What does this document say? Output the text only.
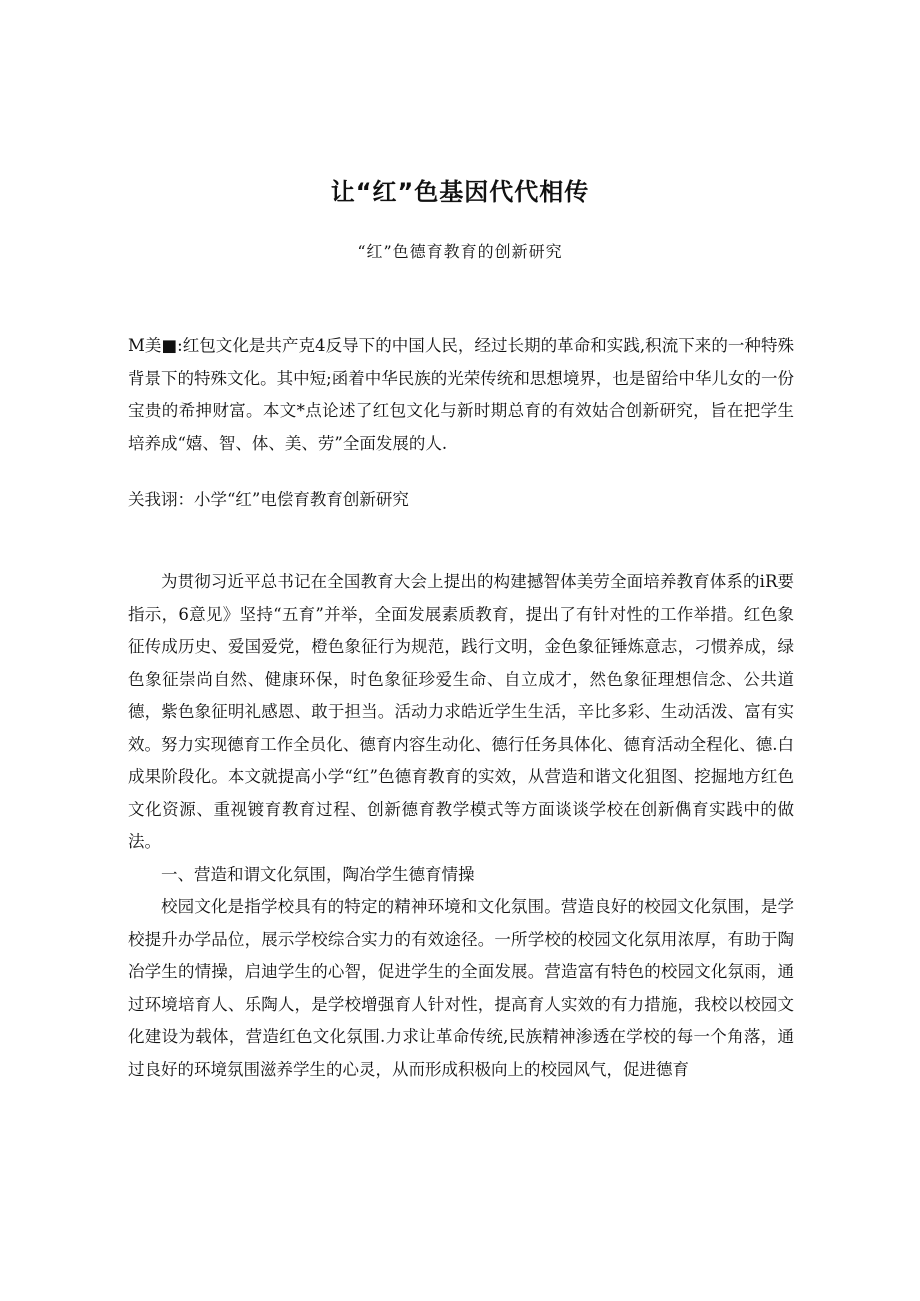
让“红”色基因代代相传

“红”色德育教育的创新研究

M美■:红包文化是共产克4反导下的中国人民，经过长期的革命和实践,积流下来的一种特殊背景下的特殊文化。其中短;函着中华民族的光荣传统和思想境界，也是留给中华儿女的一份宝贵的希抻财富。本文*点论述了红包文化与新时期总育的有效姑合创新研究，旨在把学生培养成“嬉、智、体、美、劳”全面发展的人.

关我诩：小学“红”电偿育教育创新研究

为贯彻习近平总书记在全国教育大会上提出的构建撼智体美劳全面培养教育体系的iR要指示，6意见》坚持“五育”并举，全面发展素质教育，提出了有针对性的工作举措。红色象征传成历史、爱国爱党，橙色象征行为规范，践行文明，金色象征锤炼意志，刁惯养成，绿色象征崇尚自然、健康环保，时色象征珍爱生命、自立成才，然色象征理想信念、公共道德，紫色象征明礼感恩、敢于担当。活动力求皓近学生生活，辛比多彩、生动活泼、富有实效。努力实现德育工作全员化、德育内容生动化、德行任务具体化、德育活动全程化、德.白成果阶段化。本文就提高小学“红”色德育教育的实效，从营造和谐文化狙图、挖掘地方红色文化资源、重视镀育教育过程、创新德育教学模式等方面谈谈学校在创新儁育实践中的做法。

一、营造和谓文化氛围，陶冶学生德育情操

校园文化是指学校具有的特定的精神环境和文化氛围。营造良好的校园文化氛围，是学校提升办学品位，展示学校综合实力的有效途径。一所学校的校园文化氛用浓厚，有助于陶冶学生的情操，启迪学生的心智，促进学生的全面发展。营造富有特色的校园文化氛雨，通过环境培育人、乐陶人，是学校增强育人针对性，提高育人实效的有力措施，我校以校园文化建设为载体，营造红色文化氛围.力求让革命传统,民族精神渗透在学校的每一个角落，通过良好的环境氛围滋养学生的心灵，从而形成积极向上的校园风气，促进德育
